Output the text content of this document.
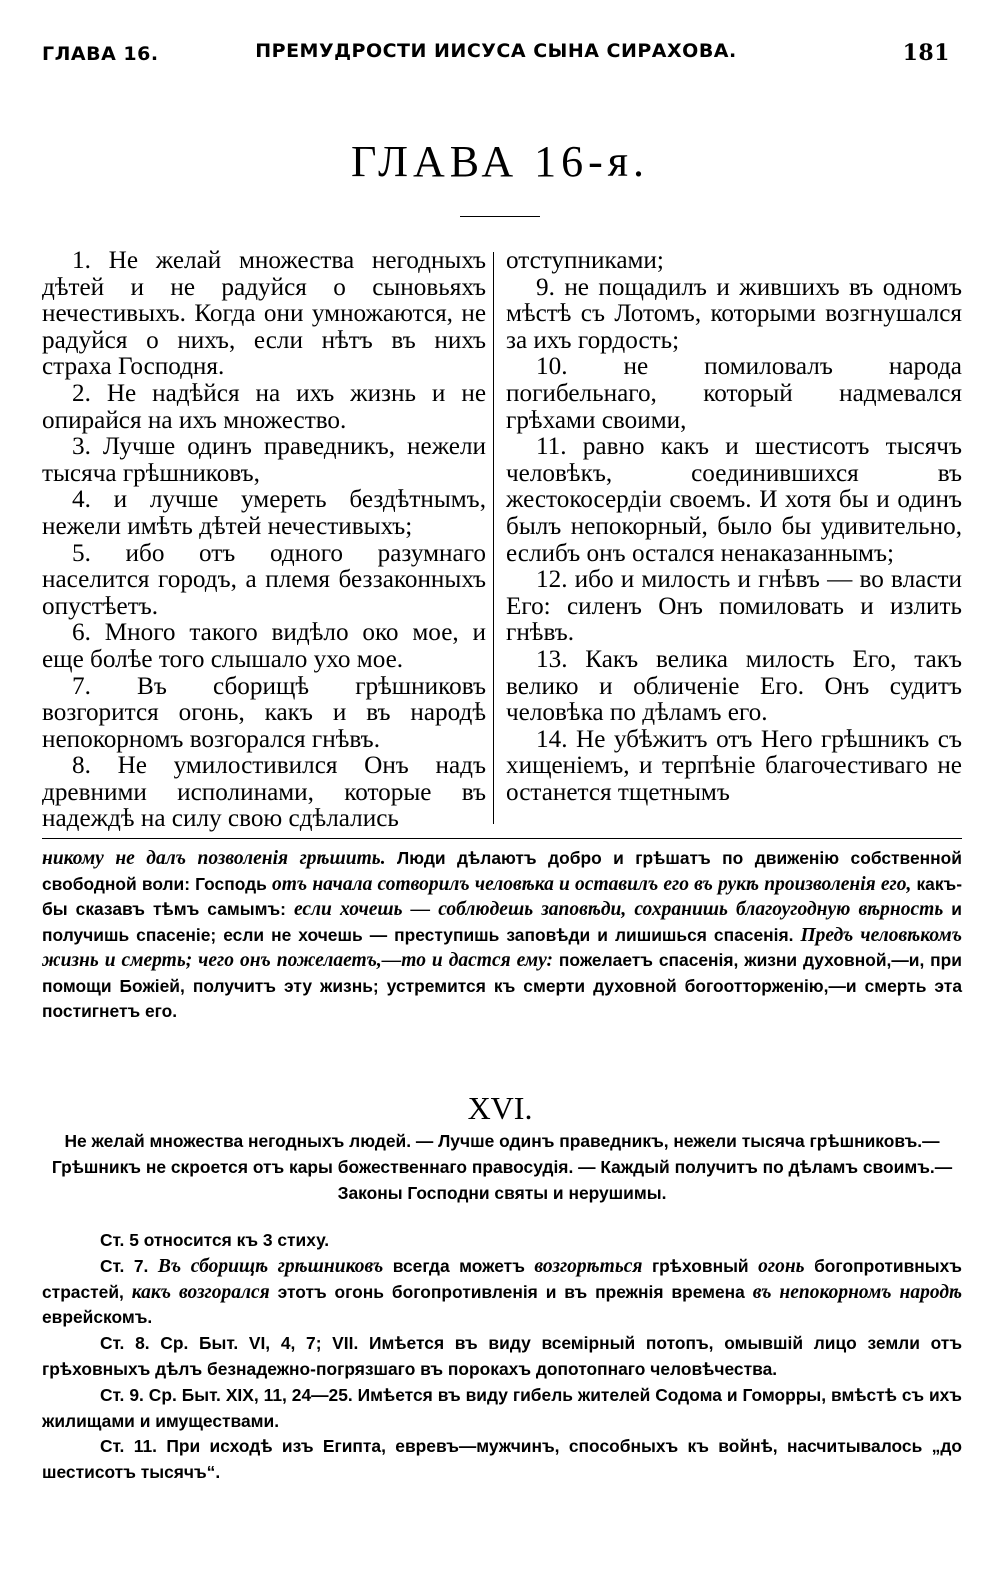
ГЛАВА 16.	ПРЕМУДРОСТИ ИИСУСА СЫНА СИРАХОВА.	181
ГЛАВА 16-я.

1. Не желай множества негодныхъ дѣтей и не радуйся о сыновьяхъ нечестивыхъ. Когда они умножаются, не радуйся о нихъ, если нѣтъ въ нихъ страха Господня.

2. Не надѣйся на ихъ жизнь и не опирайся на ихъ множество.

3. Лучше одинъ праведникъ, нежели тысяча грѣшниковъ,

4. и лучше умереть бездѣтнымъ, нежели имѣть дѣтей нечестивыхъ;

5. ибо отъ одного разумнаго населится городъ, а племя беззаконныхъ опустѣетъ.

6. Много такого видѣло око мое, и еще болѣе того слышало ухо мое.

7. Въ сборищѣ грѣшниковъ возгорится огонь, какъ и въ народѣ непокорномъ возгорался гнѣвъ.

8. Не умилостивился Онъ надъ древними исполинами, которые въ надеждѣ на силу свою сдѣлались

отступниками;

9. не пощадилъ и жившихъ въ одномъ мѣстѣ съ Лотомъ, которыми возгнушался за ихъ гордость;

10. не помиловалъ народа погибельнаго, который надмевался грѣхами своими,

11. равно какъ и шестисотъ тысячъ человѣкъ, соединившихся въ жестокосердіи своемъ. И хотя бы и одинъ былъ непокорный, было бы удивительно, еслибъ онъ остался ненаказаннымъ;

12. ибо и милость и гнѣвъ — во власти Его: силенъ Онъ помиловать и излить гнѣвъ.

13. Какъ велика милость Его, такъ велико и обличеніе Его. Онъ судитъ человѣка по дѣламъ его.

14. Не убѣжитъ отъ Него грѣшникъ съ хищеніемъ, и терпѣніе благочестиваго не останется тщетнымъ

никому не далъ позволенія грѣшить. Люди дѣлаютъ добро и грѣшатъ по движенію собственной свободной воли: Господь отъ начала сотворилъ человѣка и оставилъ его въ рукѣ произволенія его, какъ-бы сказавъ тѣмъ самымъ: если хочешь — соблюдешь заповѣди, сохранишь благоугодную вѣрность и получишь спасеніе; если не хочешь — преступишь заповѣди и лишишься спасенія. Предъ человѣкомъ жизнь и смерть; чего онъ пожелаетъ,—то и дастся ему: пожелаетъ спасенія, жизни духовной,—и, при помощи Божіей, получитъ эту жизнь; устремится къ смерти духовной богоотторженію,—и смерть эта постигнетъ его.
XVI.
Не желай множества негодныхъ людей. — Лучше одинъ праведникъ, нежели тысяча грѣшниковъ.—Грѣшникъ не скроется отъ кары божественнаго правосудія. — Каждый получитъ по дѣламъ своимъ.—Законы Господни святы и нерушимы.

Ст. 5 относится къ 3 стиху.

Ст. 7. Въ сборищѣ грѣшниковъ всегда можетъ возгорѣться грѣховный огонь богопротивныхъ страстей, какъ возгорался этотъ огонь богопротивленія и въ прежнія времена въ непокорномъ народѣ еврейскомъ.

Ст. 8. Ср. Быт. VI, 4, 7; VII. Имѣется въ виду всемірный потопъ, омывшій лицо земли отъ грѣховныхъ дѣлъ безнадежно-погрязшаго въ порокахъ допотопнаго человѣчества.

Ст. 9. Ср. Быт. XIX, 11, 24—25. Имѣется въ виду гибель жителей Содома и Гоморры, вмѣстѣ съ ихъ жилищами и имуществами.

Ст. 11. При исходѣ изъ Египта, евревъ—мужчинъ, способныхъ къ войнѣ, насчитывалось „до шестисотъ тысячъ“.
